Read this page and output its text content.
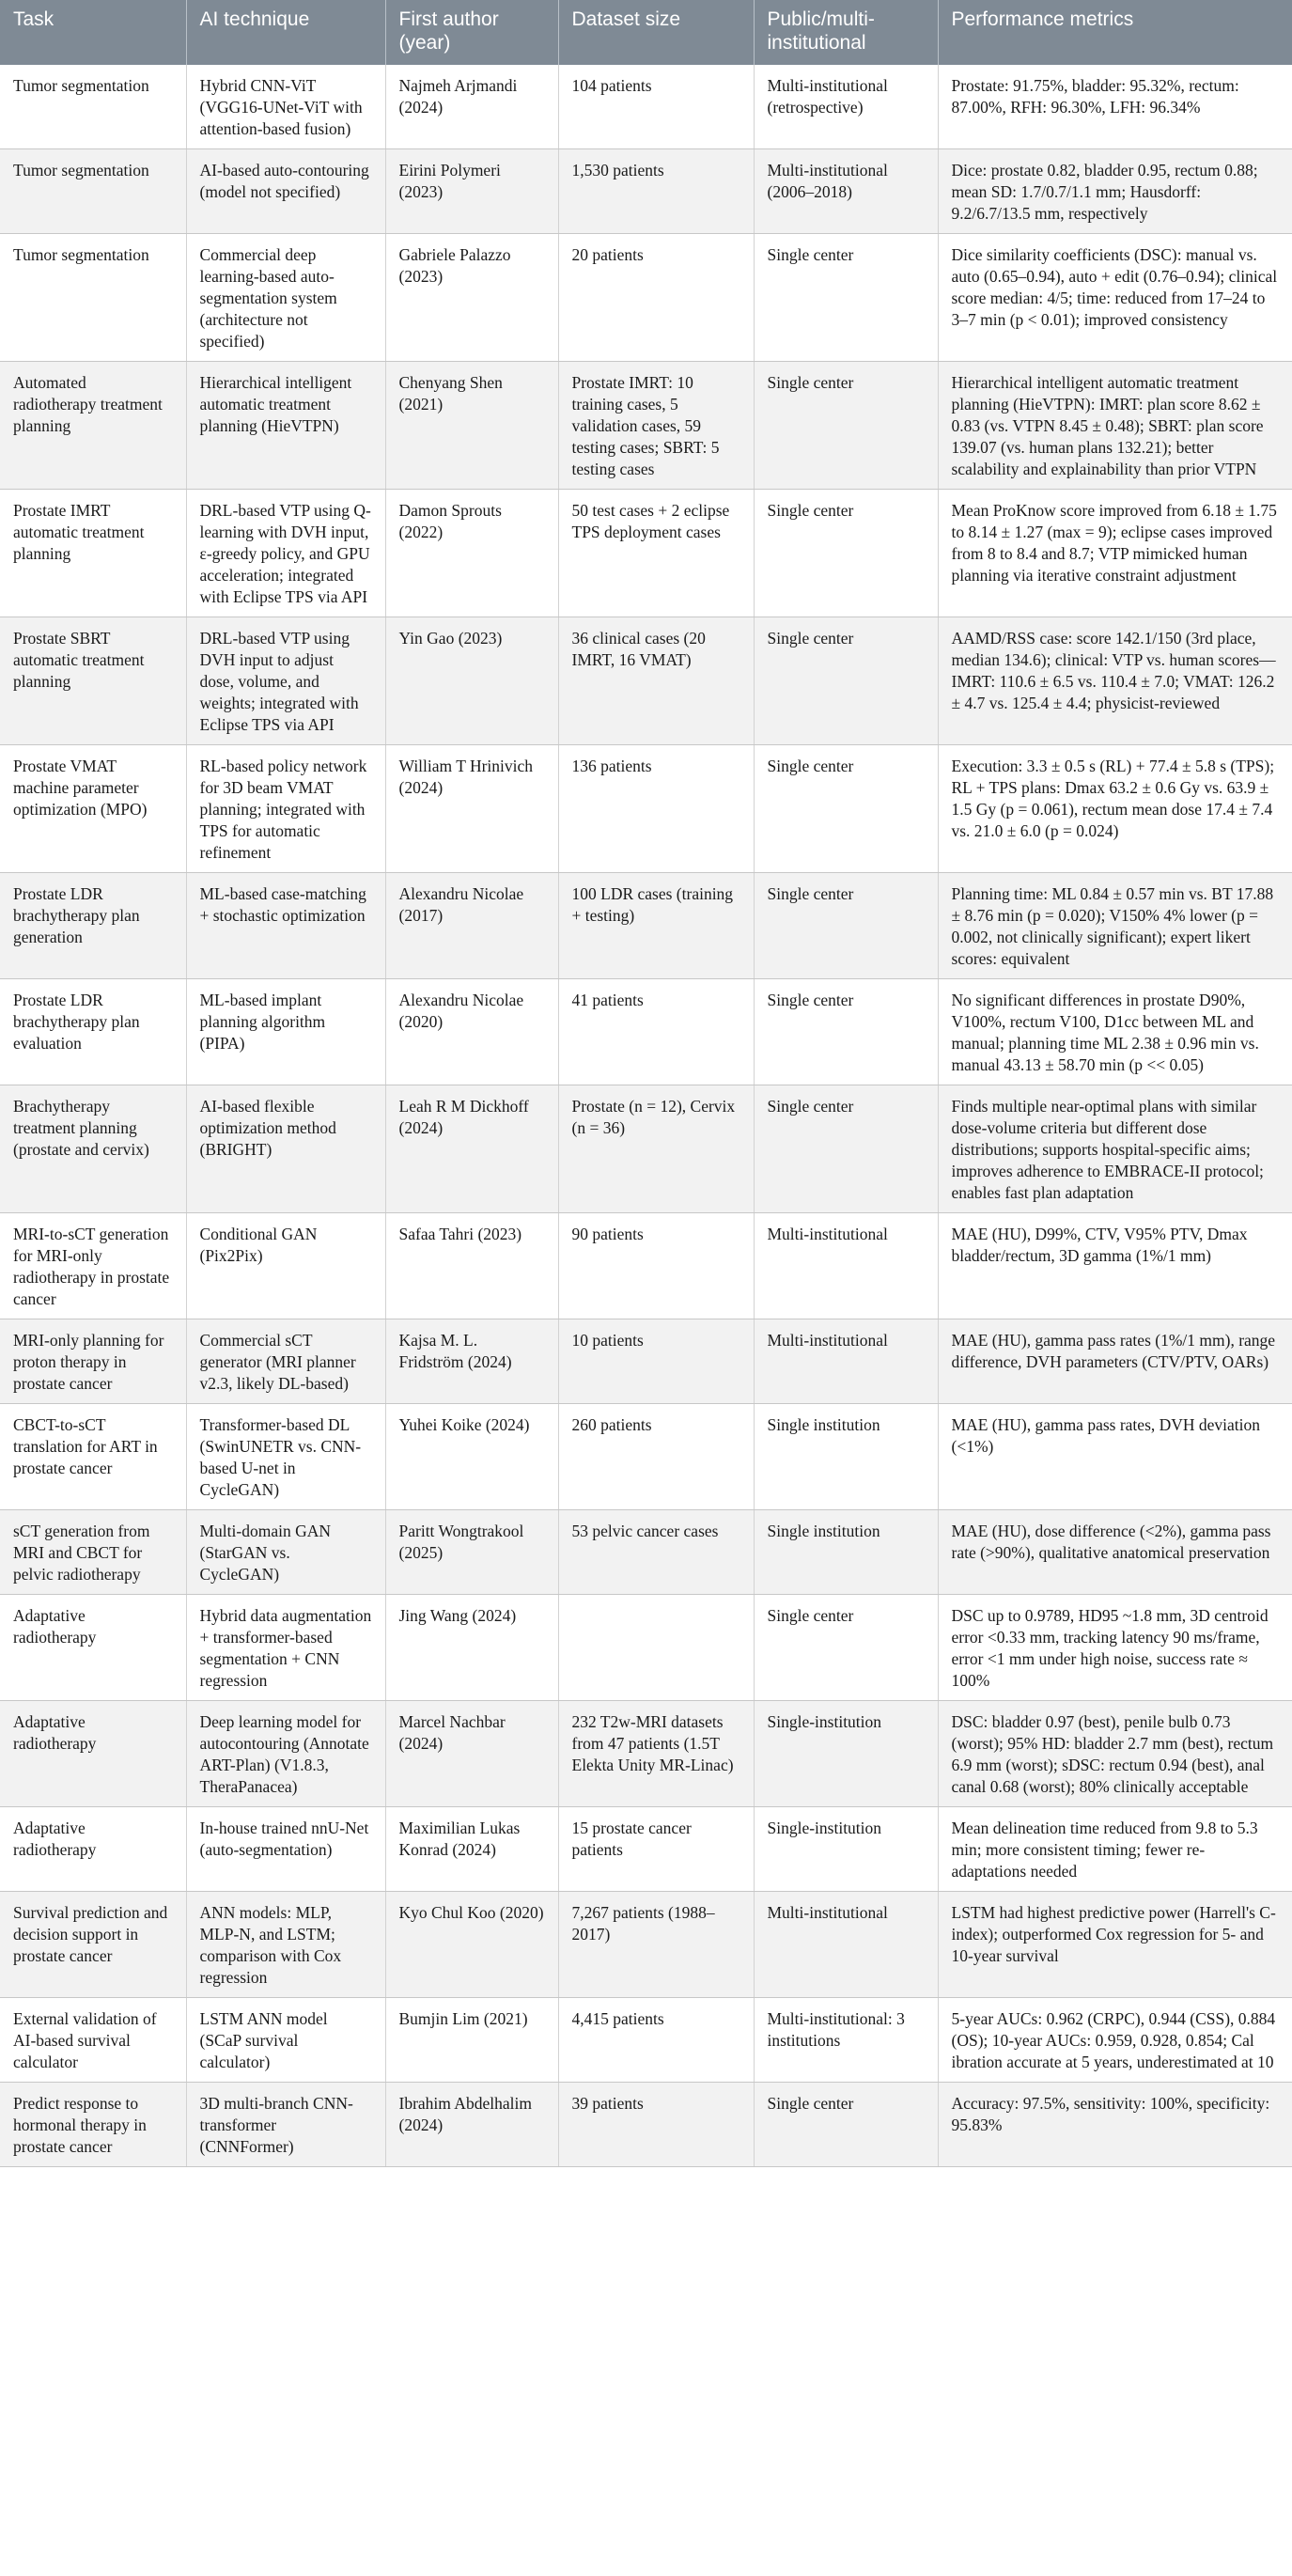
Task	AI technique	First author (year)	Dataset size	Public/multi-institutional	Performance metrics
Tumor segmentation	Hybrid CNN-ViT (VGG16-UNet-ViT with attention-based fusion)	Najmeh Arjmandi (2024)	104 patients	Multi-institutional (retrospective)	Prostate: 91.75%, bladder: 95.32%, rectum: 87.00%, RFH: 96.30%, LFH: 96.34%
Tumor segmentation	AI-based auto-contouring (model not specified)	Eirini Polymeri (2023)	1,530 patients	Multi-institutional (2006–2018)	Dice: prostate 0.82, bladder 0.95, rectum 0.88; mean SD: 1.7/0.7/1.1 mm; Hausdorff: 9.2/6.7/13.5 mm, respectively
Tumor segmentation	Commercial deep learning-based auto-segmentation system (architecture not specified)	Gabriele Palazzo (2023)	20 patients	Single center	Dice similarity coefficients (DSC): manual vs. auto (0.65–0.94), auto + edit (0.76–0.94); clinical score median: 4/5; time: reduced from 17–24 to 3–7 min (p < 0.01); improved consistency
Automated radiotherapy treatment planning	Hierarchical intelligent automatic treatment planning (HieVTPN)	Chenyang Shen (2021)	Prostate IMRT: 10 training cases, 5 validation cases, 59 testing cases; SBRT: 5 testing cases	Single center	Hierarchical intelligent automatic treatment planning (HieVTPN): IMRT: plan score 8.62 ± 0.83 (vs. VTPN 8.45 ± 0.48); SBRT: plan score 139.07 (vs. human plans 132.21); better scalability and explainability than prior VTPN
Prostate IMRT automatic treatment planning	DRL-based VTP using Q-learning with DVH input, ε-greedy policy, and GPU acceleration; integrated with Eclipse TPS via API	Damon Sprouts (2022)	50 test cases + 2 eclipse TPS deployment cases	Single center	Mean ProKnow score improved from 6.18 ± 1.75 to 8.14 ± 1.27 (max = 9); eclipse cases improved from 8 to 8.4 and 8.7; VTP mimicked human planning via iterative constraint adjustment
Prostate SBRT automatic treatment planning	DRL-based VTP using DVH input to adjust dose, volume, and weights; integrated with Eclipse TPS via API	Yin Gao (2023)	36 clinical cases (20 IMRT, 16 VMAT)	Single center	AAMD/RSS case: score 142.1/150 (3rd place, median 134.6); clinical: VTP vs. human scores—IMRT: 110.6 ± 6.5 vs. 110.4 ± 7.0; VMAT: 126.2 ± 4.7 vs. 125.4 ± 4.4; physicist-reviewed
Prostate VMAT machine parameter optimization (MPO)	RL-based policy network for 3D beam VMAT planning; integrated with TPS for automatic refinement	William T Hrinivich (2024)	136 patients	Single center	Execution: 3.3 ± 0.5 s (RL) + 77.4 ± 5.8 s (TPS); RL + TPS plans: Dmax 63.2 ± 0.6 Gy vs. 63.9 ± 1.5 Gy (p = 0.061), rectum mean dose 17.4 ± 7.4 vs. 21.0 ± 6.0 (p = 0.024)
Prostate LDR brachytherapy plan generation	ML-based case-matching + stochastic optimization	Alexandru Nicolae (2017)	100 LDR cases (training + testing)	Single center	Planning time: ML 0.84 ± 0.57 min vs. BT 17.88 ± 8.76 min (p = 0.020); V150% 4% lower (p = 0.002, not clinically significant); expert likert scores: equivalent
Prostate LDR brachytherapy plan evaluation	ML-based implant planning algorithm (PIPA)	Alexandru Nicolae (2020)	41 patients	Single center	No significant differences in prostate D90%, V100%, rectum V100, D1cc between ML and manual; planning time ML 2.38 ± 0.96 min vs. manual 43.13 ± 58.70 min (p << 0.05)
Brachytherapy treatment planning (prostate and cervix)	AI-based flexible optimization method (BRIGHT)	Leah R M Dickhoff (2024)	Prostate (n = 12), Cervix (n = 36)	Single center	Finds multiple near-optimal plans with similar dose-volume criteria but different dose distributions; supports hospital-specific aims; improves adherence to EMBRACE-II protocol; enables fast plan adaptation
MRI-to-sCT generation for MRI-only radiotherapy in prostate cancer	Conditional GAN (Pix2Pix)	Safaa Tahri (2023)	90 patients	Multi-institutional	MAE (HU), D99%, CTV, V95% PTV, Dmax bladder/rectum, 3D gamma (1%/1 mm)
MRI-only planning for proton therapy in prostate cancer	Commercial sCT generator (MRI planner v2.3, likely DL-based)	Kajsa M. L. Fridström (2024)	10 patients	Multi-institutional	MAE (HU), gamma pass rates (1%/1 mm), range difference, DVH parameters (CTV/PTV, OARs)
CBCT-to-sCT translation for ART in prostate cancer	Transformer-based DL (SwinUNETR vs. CNN-based U-net in CycleGAN)	Yuhei Koike (2024)	260 patients	Single institution	MAE (HU), gamma pass rates, DVH deviation (<1%)
sCT generation from MRI and CBCT for pelvic radiotherapy	Multi-domain GAN (StarGAN vs. CycleGAN)	Paritt Wongtrakool (2025)	53 pelvic cancer cases	Single institution	MAE (HU), dose difference (<2%), gamma pass rate (>90%), qualitative anatomical preservation
Adaptative radiotherapy	Hybrid data augmentation + transformer-based segmentation + CNN regression	Jing Wang (2024)		Single center	DSC up to 0.9789, HD95 ~1.8 mm, 3D centroid error <0.33 mm, tracking latency 90 ms/frame, error <1 mm under high noise, success rate ≈ 100%
Adaptative radiotherapy	Deep learning model for autocontouring (Annotate ART-Plan) (V1.8.3, TheraPanacea)	Marcel Nachbar (2024)	232 T2w-MRI datasets from 47 patients (1.5T Elekta Unity MR-Linac)	Single-institution	DSC: bladder 0.97 (best), penile bulb 0.73 (worst); 95% HD: bladder 2.7 mm (best), rectum 6.9 mm (worst); sDSC: rectum 0.94 (best), anal canal 0.68 (worst); 80% clinically acceptable
Adaptative radiotherapy	In-house trained nnU-Net (auto-segmentation)	Maximilian Lukas Konrad (2024)	15 prostate cancer patients	Single-institution	Mean delineation time reduced from 9.8 to 5.3 min; more consistent timing; fewer re-adaptations needed
Survival prediction and decision support in prostate cancer	ANN models: MLP, MLP-N, and LSTM; comparison with Cox regression	Kyo Chul Koo (2020)	7,267 patients (1988–2017)	Multi-institutional	LSTM had highest predictive power (Harrell's C-index); outperformed Cox regression for 5- and 10-year survival
External validation of AI-based survival calculator	LSTM ANN model (SCaP survival calculator)	Bumjin Lim (2021)	4,415 patients	Multi-institutional: 3 institutions	5-year AUCs: 0.962 (CRPC), 0.944 (CSS), 0.884 (OS); 10-year AUCs: 0.959, 0.928, 0.854; Cal ibration accurate at 5 years, underestimated at 10
Predict response to hormonal therapy in prostate cancer	3D multi-branch CNN-transformer (CNNFormer)	Ibrahim Abdelhalim (2024)	39 patients	Single center	Accuracy: 97.5%, sensitivity: 100%, specificity: 95.83%
